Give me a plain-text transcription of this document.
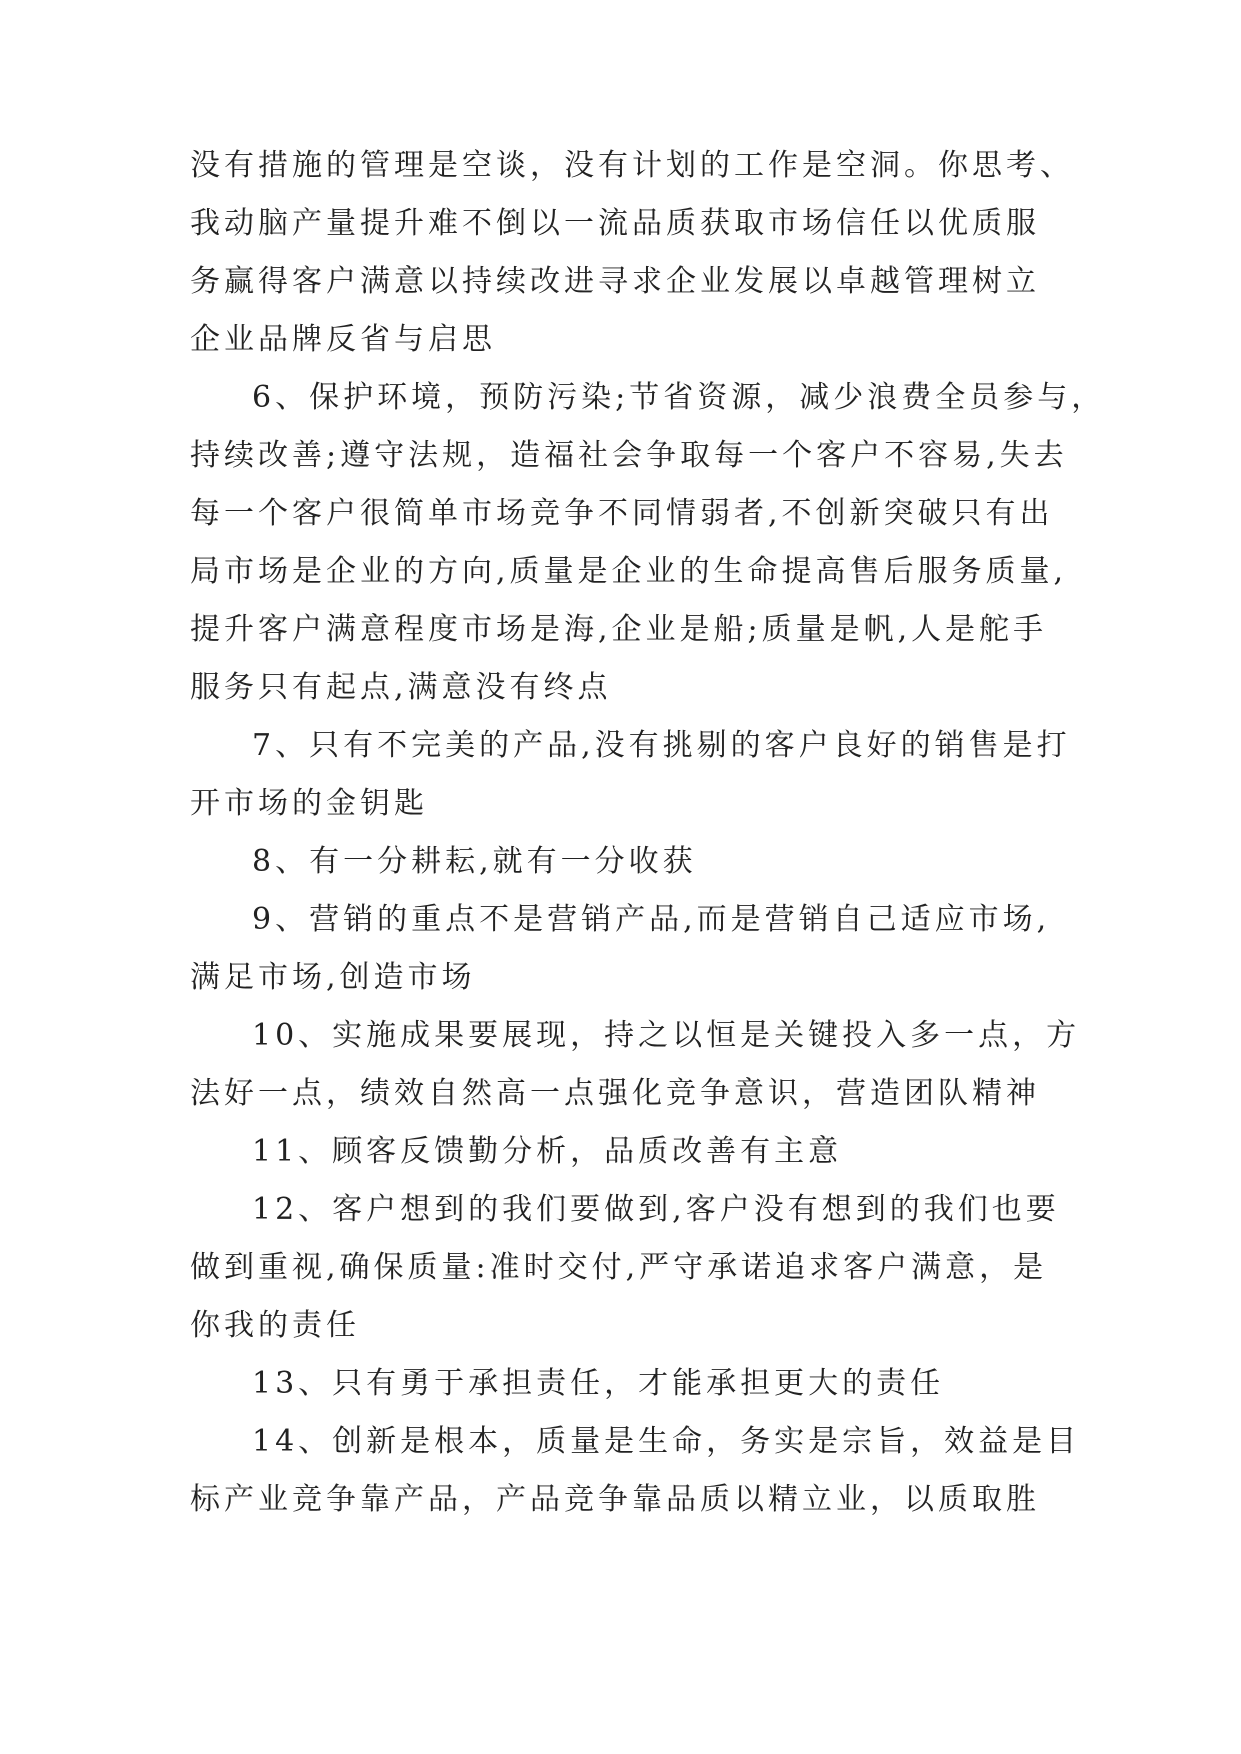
没有措施的管理是空谈，没有计划的工作是空洞。你思考、
我动脑产量提升难不倒以一流品质获取市场信任以优质服
务赢得客户满意以持续改进寻求企业发展以卓越管理树立
企业品牌反省与启思
6、保护环境，预防污染;节省资源，减少浪费全员参与，
持续改善;遵守法规，造福社会争取每一个客户不容易,失去
每一个客户很简单市场竞争不同情弱者,不创新突破只有出
局市场是企业的方向,质量是企业的生命提高售后服务质量,
提升客户满意程度市场是海,企业是船;质量是帆,人是舵手
服务只有起点,满意没有终点
7、只有不完美的产品,没有挑剔的客户良好的销售是打
开市场的金钥匙
8、有一分耕耘,就有一分收获
9、营销的重点不是营销产品,而是营销自己适应市场,
满足市场,创造市场
10、实施成果要展现，持之以恒是关键投入多一点，方
法好一点，绩效自然高一点强化竞争意识，营造团队精神
11、顾客反馈勤分析，品质改善有主意
12、客户想到的我们要做到,客户没有想到的我们也要
做到重视,确保质量:准时交付,严守承诺追求客户满意，是
你我的责任
13、只有勇于承担责任，才能承担更大的责任
14、创新是根本，质量是生命，务实是宗旨，效益是目
标产业竞争靠产品，产品竞争靠品质以精立业，以质取胜
